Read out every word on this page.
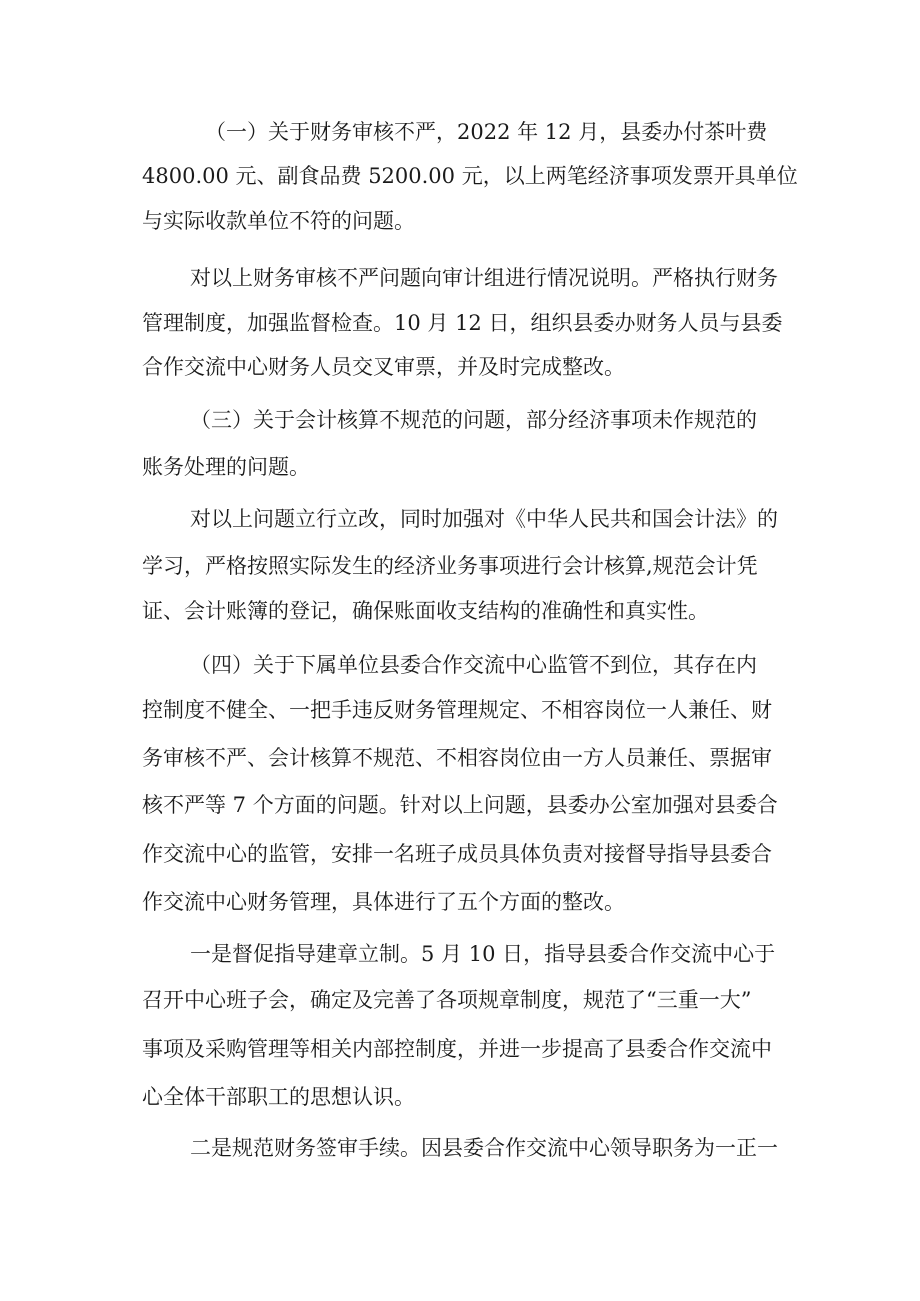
（一）关于财务审核不严，2022 年 12 月，县委办付茶叶费
4800.00 元、副食品费 5200.00 元，以上两笔经济事项发票开具单位
与实际收款单位不符的问题。
对以上财务审核不严问题向审计组进行情况说明。严格执行财务
管理制度，加强监督检查。10 月 12 日，组织县委办财务人员与县委
合作交流中心财务人员交叉审票，并及时完成整改。
（三）关于会计核算不规范的问题，部分经济事项未作规范的
账务处理的问题。
对以上问题立行立改，同时加强对《中华人民共和国会计法》的
学习，严格按照实际发生的经济业务事项进行会计核算,规范会计凭
证、会计账簿的登记，确保账面收支结构的准确性和真实性。
（四）关于下属单位县委合作交流中心监管不到位，其存在内
控制度不健全、一把手违反财务管理规定、不相容岗位一人兼任、财
务审核不严、会计核算不规范、不相容岗位由一方人员兼任、票据审
核不严等 7 个方面的问题。针对以上问题，县委办公室加强对县委合
作交流中心的监管，安排一名班子成员具体负责对接督导指导县委合
作交流中心财务管理，具体进行了五个方面的整改。
一是督促指导建章立制。5 月 10 日，指导县委合作交流中心于
召开中心班子会，确定及完善了各项规章制度，规范了“三重一大”
事项及采购管理等相关内部控制度，并进一步提高了县委合作交流中
心全体干部职工的思想认识。
二是规范财务签审手续。因县委合作交流中心领导职务为一正一
